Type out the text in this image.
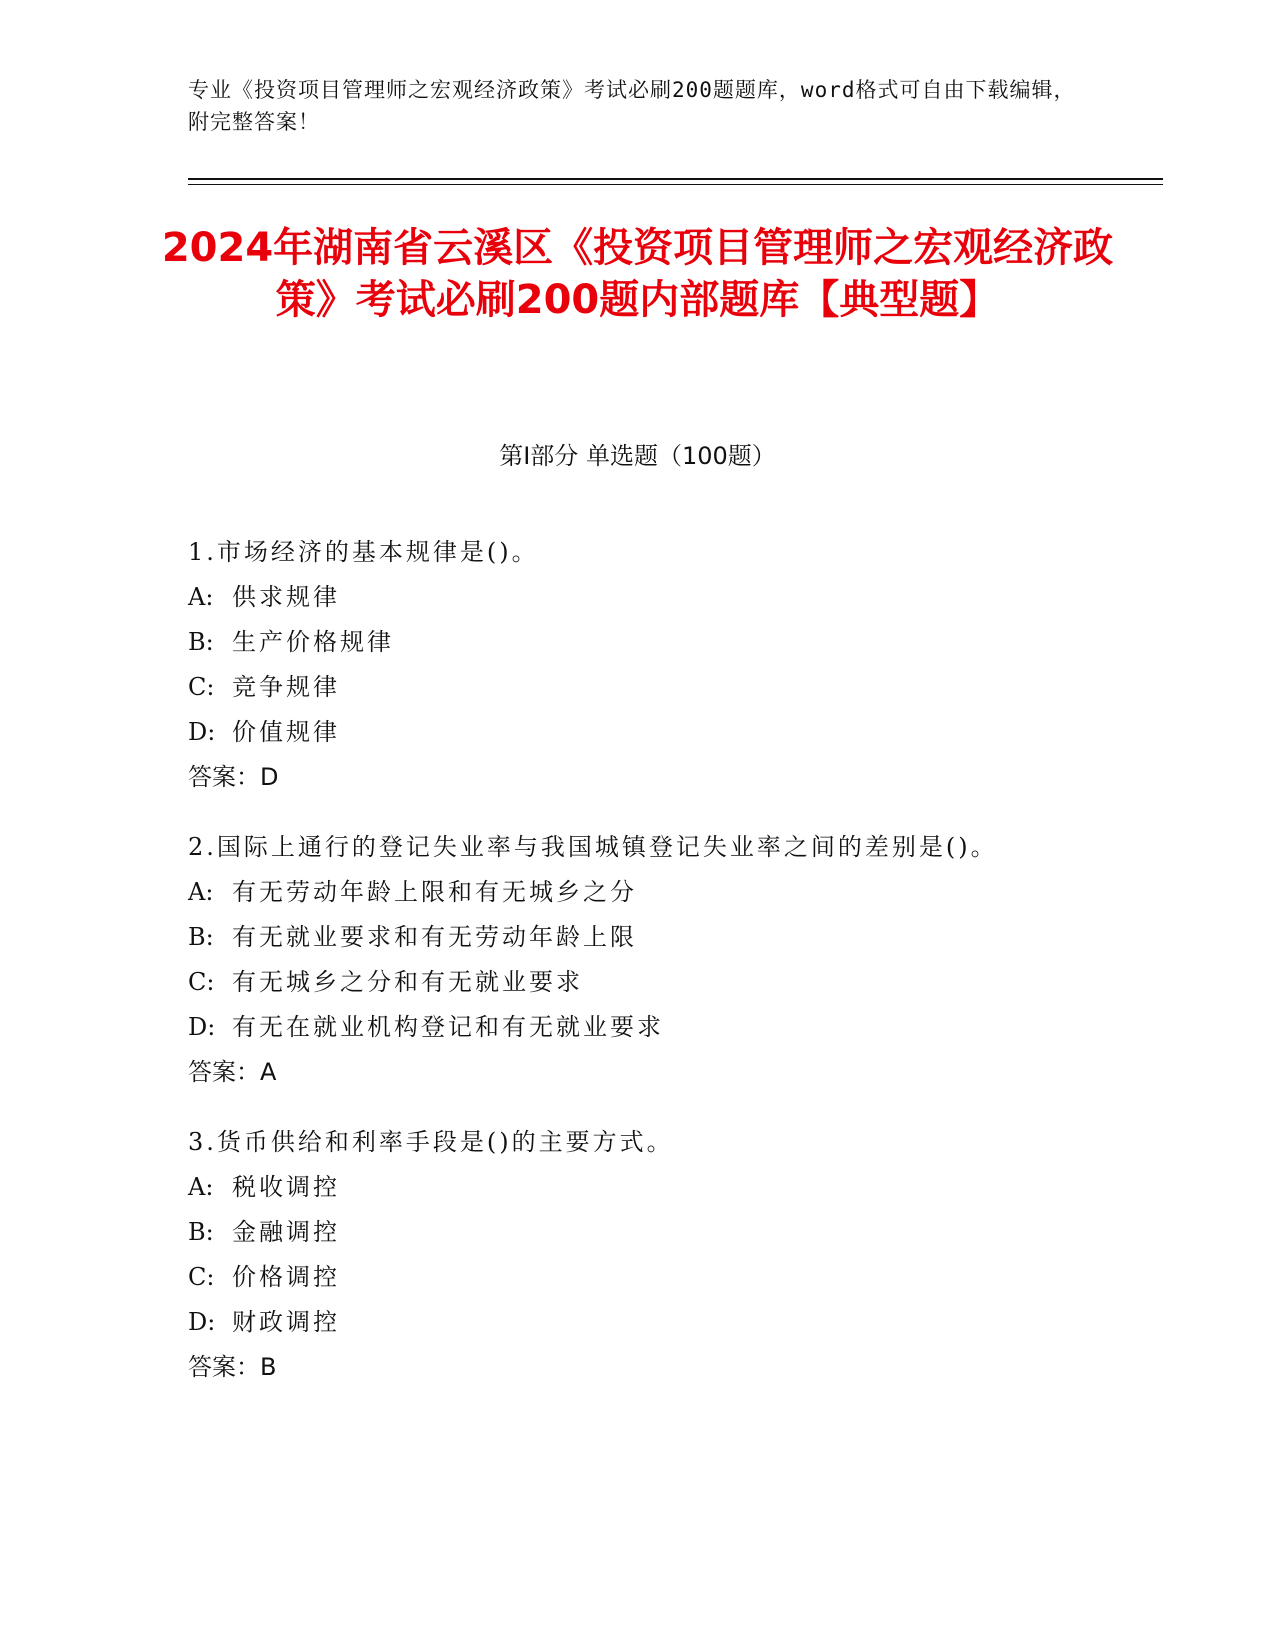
专业《投资项目管理师之宏观经济政策》考试必刷200题题库，word格式可自由下载编辑，附完整答案！
2024年湖南省云溪区《投资项目管理师之宏观经济政策》考试必刷200题内部题库【典型题】
第I部分 单选题（100题）
1.市场经济的基本规律是()。
A: 供求规律
B: 生产价格规律
C: 竞争规律
D: 价值规律
答案：D
2.国际上通行的登记失业率与我国城镇登记失业率之间的差别是()。
A: 有无劳动年龄上限和有无城乡之分
B: 有无就业要求和有无劳动年龄上限
C: 有无城乡之分和有无就业要求
D: 有无在就业机构登记和有无就业要求
答案：A
3.货币供给和利率手段是()的主要方式。
A: 税收调控
B: 金融调控
C: 价格调控
D: 财政调控
答案：B
